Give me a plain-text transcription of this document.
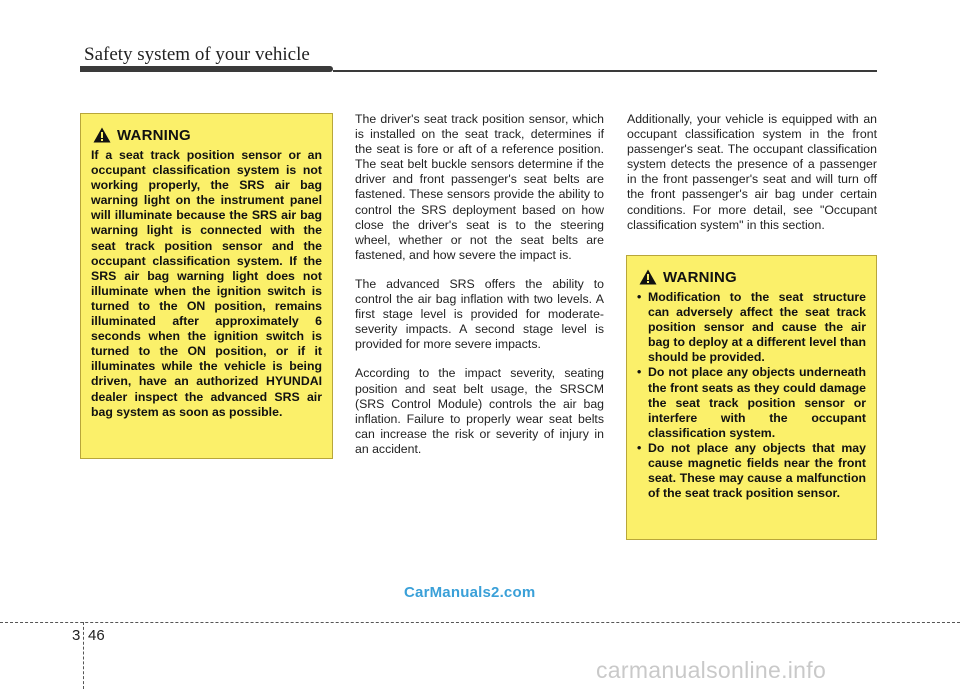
Safety system of your vehicle
WARNING
If a seat track position sensor or an occupant classification system is not working properly, the SRS air bag warning light on the instrument panel will illuminate because the SRS air bag warning light is connected with the seat track position sensor and the occupant classification system. If the SRS air bag warning light does not illuminate when the ignition switch is turned to the ON position, remains illuminated after approximately 6 seconds when the ignition switch is turned to the ON position, or if it illuminates while the vehicle is being driven, have an authorized HYUNDAI dealer inspect the advanced SRS air bag system as soon as possible.

The driver's seat track position sensor, which is installed on the seat track, determines if the seat is fore or aft of a reference position. The seat belt buckle sensors determine if the driver and front passenger's seat belts are fastened. These sensors provide the ability to control the SRS deployment based on how close the driver's seat is to the steering wheel, whether or not the seat belts are fastened, and how severe the impact is.

The advanced SRS offers the ability to control the air bag inflation with two levels. A first stage level is provided for moderate-severity impacts. A second stage level is provided for more severe impacts.

According to the impact severity, seating position and seat belt usage, the SRSCM (SRS Control Module) controls the air bag inflation. Failure to properly wear seat belts can increase the risk or severity of injury in an accident.

Additionally, your vehicle is equipped with an occupant classification system in the front passenger's seat. The occupant classification system detects the presence of a passenger in the front passenger's seat and will turn off the front passenger's air bag under certain conditions. For more detail, see "Occupant classification system" in this section.

WARNING
• Modification to the seat structure can adversely affect the seat track position sensor and cause the air bag to deploy at a different level than should be provided.
• Do not place any objects underneath the front seats as they could damage the seat track position sensor or interfere with the occupant classification system.
• Do not place any objects that may cause magnetic fields near the front seat. These may cause a malfunction of the seat track position sensor.
CarManuals2.com
3 46
carmanualsonline.info
